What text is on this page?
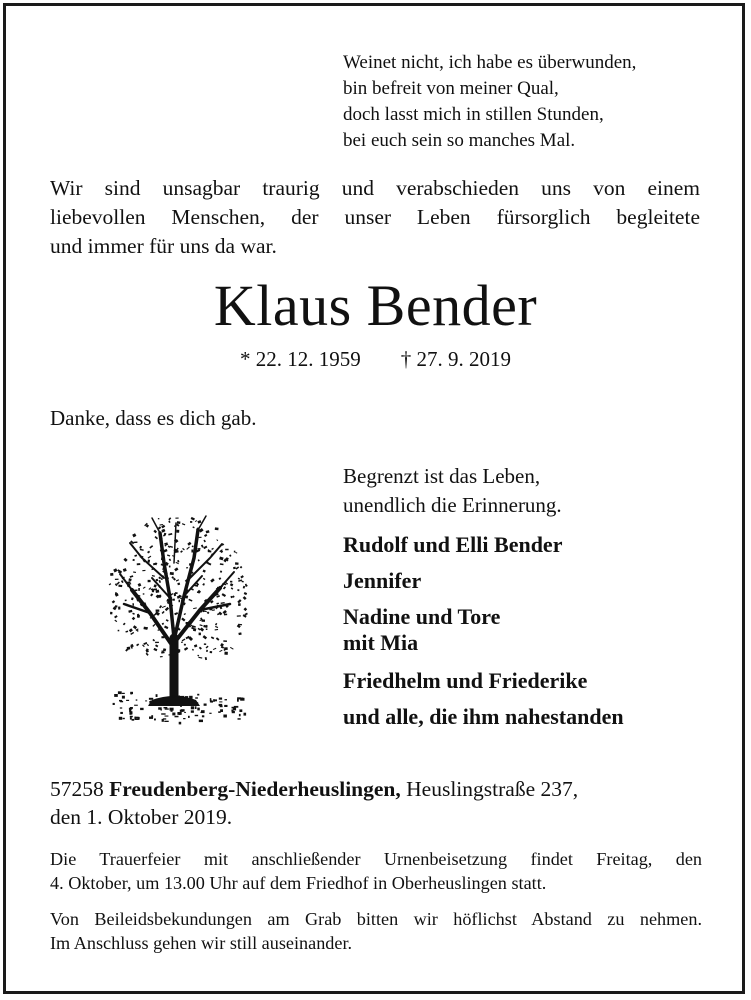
Weinet nicht, ich habe es überwunden,
bin befreit von meiner Qual,
doch lasst mich in stillen Stunden,
bei euch sein so manches Mal.
Wir sind unsagbar traurig und verabschieden uns von einem
liebevollen Menschen, der unser Leben fürsorglich begleitete
und immer für uns da war.
Klaus Bender
* 22. 12. 1959 † 27. 9. 2019
Danke, dass es dich gab.
Begrenzt ist das Leben,
unendlich die Erinnerung.
Rudolf und Elli Bender
Jennifer
Nadine und Tore
mit Mia
Friedhelm und Friederike
und alle, die ihm nahestanden
57258 Freudenberg-Niederheuslingen, Heuslingstraße 237,
den 1. Oktober 2019.
Die Trauerfeier mit anschließender Urnenbeisetzung findet Freitag, den
4. Oktober, um 13.00 Uhr auf dem Friedhof in Oberheuslingen statt.
Von Beileidsbekundungen am Grab bitten wir höflichst Abstand zu nehmen.
Im Anschluss gehen wir still auseinander.
